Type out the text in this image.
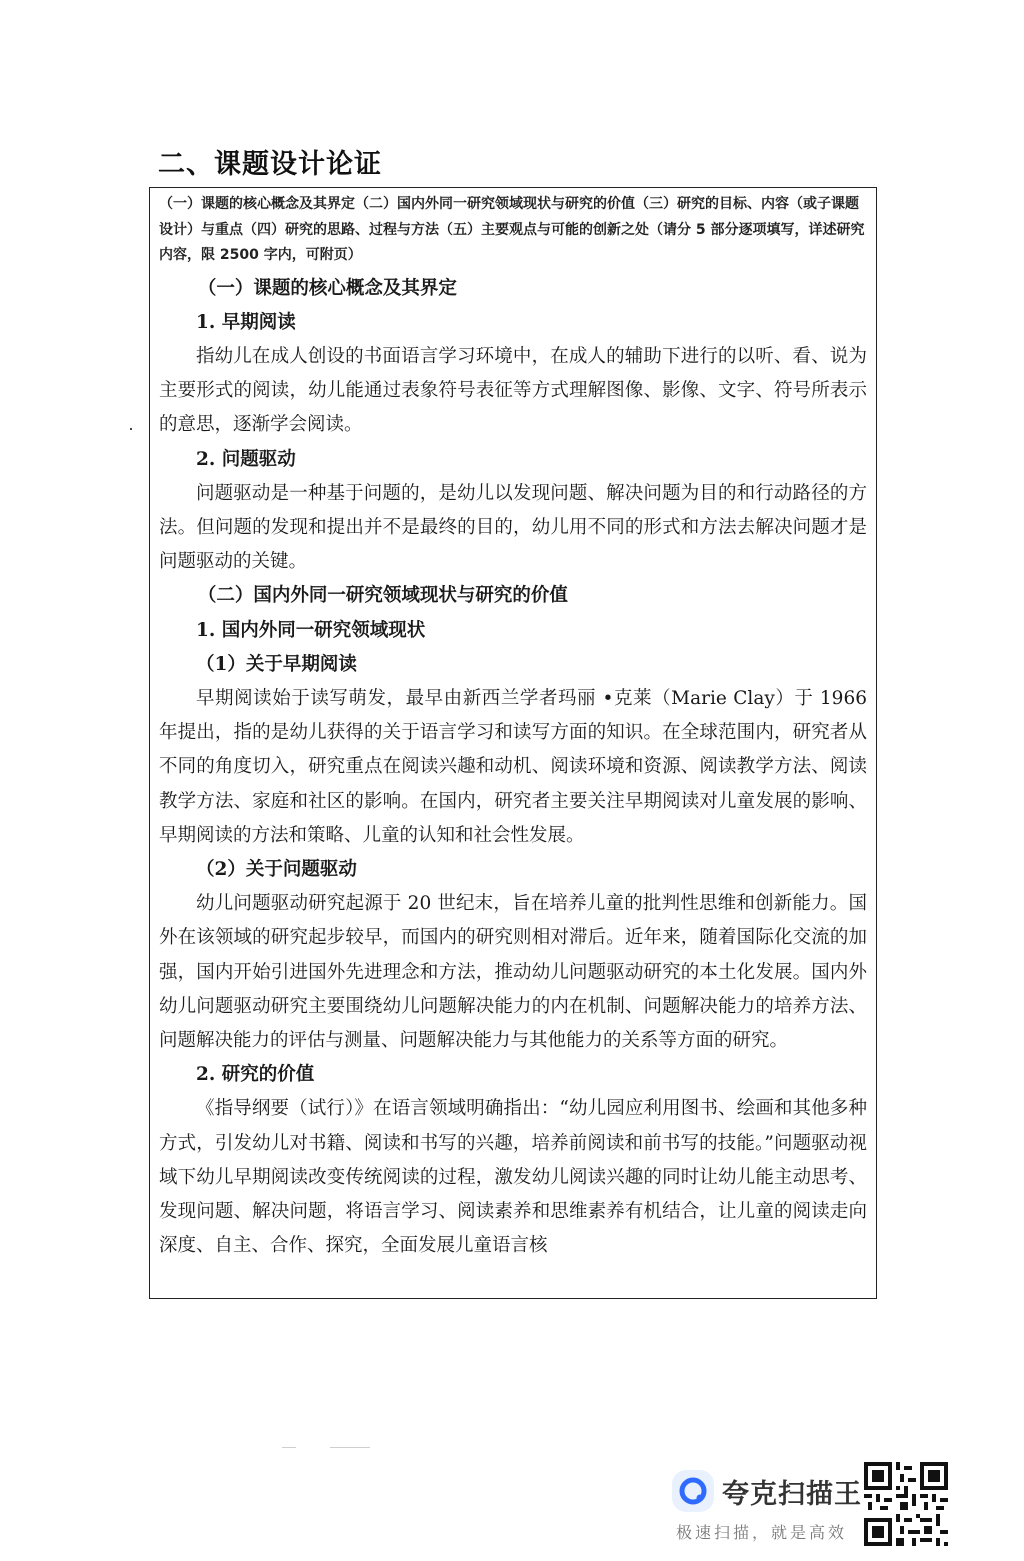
二、课题设计论证
（一）课题的核心概念及其界定（二）国内外同一研究领域现状与研究的价值（三）研究的目标、内容（或子课题设计）与重点（四）研究的思路、过程与方法（五）主要观点与可能的创新之处（请分 5 部分逐项填写，详述研究内容，限 2500 字内，可附页）

（一）课题的核心概念及其界定

1. 早期阅读

指幼儿在成人创设的书面语言学习环境中，在成人的辅助下进行的以听、看、说为主要形式的阅读，幼儿能通过表象符号表征等方式理解图像、影像、文字、符号所表示的意思，逐渐学会阅读。

2. 问题驱动

问题驱动是一种基于问题的，是幼儿以发现问题、解决问题为目的和行动路径的方法。但问题的发现和提出并不是最终的目的，幼儿用不同的形式和方法去解决问题才是问题驱动的关键。

（二）国内外同一研究领域现状与研究的价值

1. 国内外同一研究领域现状

（1）关于早期阅读

早期阅读始于读写萌发，最早由新西兰学者玛丽 •克莱（Marie Clay）于 1966 年提出，指的是幼儿获得的关于语言学习和读写方面的知识。在全球范围内，研究者从不同的角度切入，研究重点在阅读兴趣和动机、阅读环境和资源、阅读教学方法、阅读教学方法、家庭和社区的影响。在国内，研究者主要关注早期阅读对儿童发展的影响、早期阅读的方法和策略、儿童的认知和社会性发展。

（2）关于问题驱动

幼儿问题驱动研究起源于 20 世纪末，旨在培养儿童的批判性思维和创新能力。国外在该领域的研究起步较早，而国内的研究则相对滞后。近年来，随着国际化交流的加强，国内开始引进国外先进理念和方法，推动幼儿问题驱动研究的本土化发展。国内外幼儿问题驱动研究主要围绕幼儿问题解决能力的内在机制、问题解决能力的培养方法、问题解决能力的评估与测量、问题解决能力与其他能力的关系等方面的研究。

2. 研究的价值

《指导纲要（试行）》在语言领域明确指出：“幼儿园应利用图书、绘画和其他多种方式，引发幼儿对书籍、阅读和书写的兴趣，培养前阅读和前书写的技能。”问题驱动视域下幼儿早期阅读改变传统阅读的过程，激发幼儿阅读兴趣的同时让幼儿能主动思考、发现问题、解决问题，将语言学习、阅读素养和思维素养有机结合，让儿童的阅读走向深度、自主、合作、探究，全面发展儿童语言核

夸克扫描王
极速扫描，就是高效
